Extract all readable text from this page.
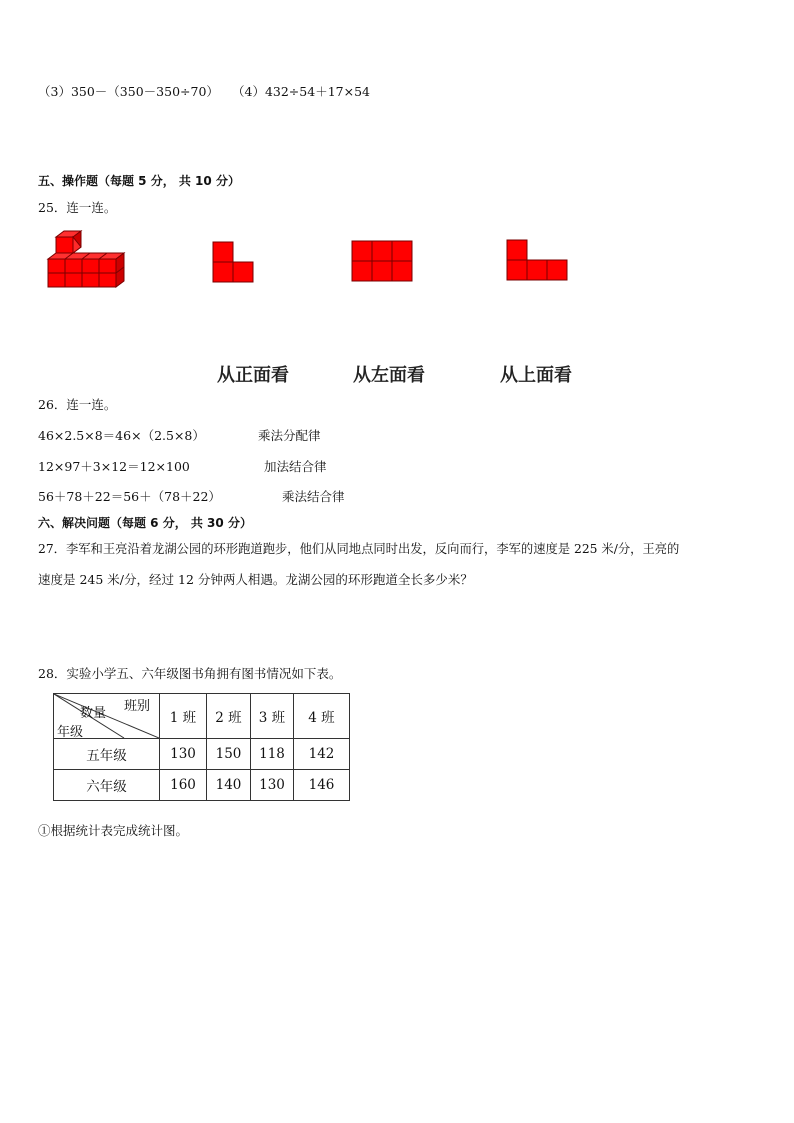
（3）350－（350－350÷70） （4）432÷54＋17×54
五、操作题（每题 5 分， 共 10 分）
25．连一连。
从正面看	从左面看	从上面看
26．连一连。
46×2.5×8＝46×（2.5×8）	乘法分配律
12×97＋3×12＝12×100	加法结合律
56＋78＋22＝56＋（78＋22）	乘法结合律
六、解决问题（每题 6 分， 共 30 分）
27．李军和王亮沿着龙湖公园的环形跑道跑步，他们从同地点同时出发，反向而行，李军的速度是 225 米/分，王亮的
速度是 245 米/分，经过 12 分钟两人相遇。龙湖公园的环形跑道全长多少米？
28．实验小学五、六年级图书角拥有图书情况如下表。
班别
数量
年级	1 班	2 班	3 班	4 班
五年级	130	150	118	142
六年级	160	140	130	146
①根据统计表完成统计图。
